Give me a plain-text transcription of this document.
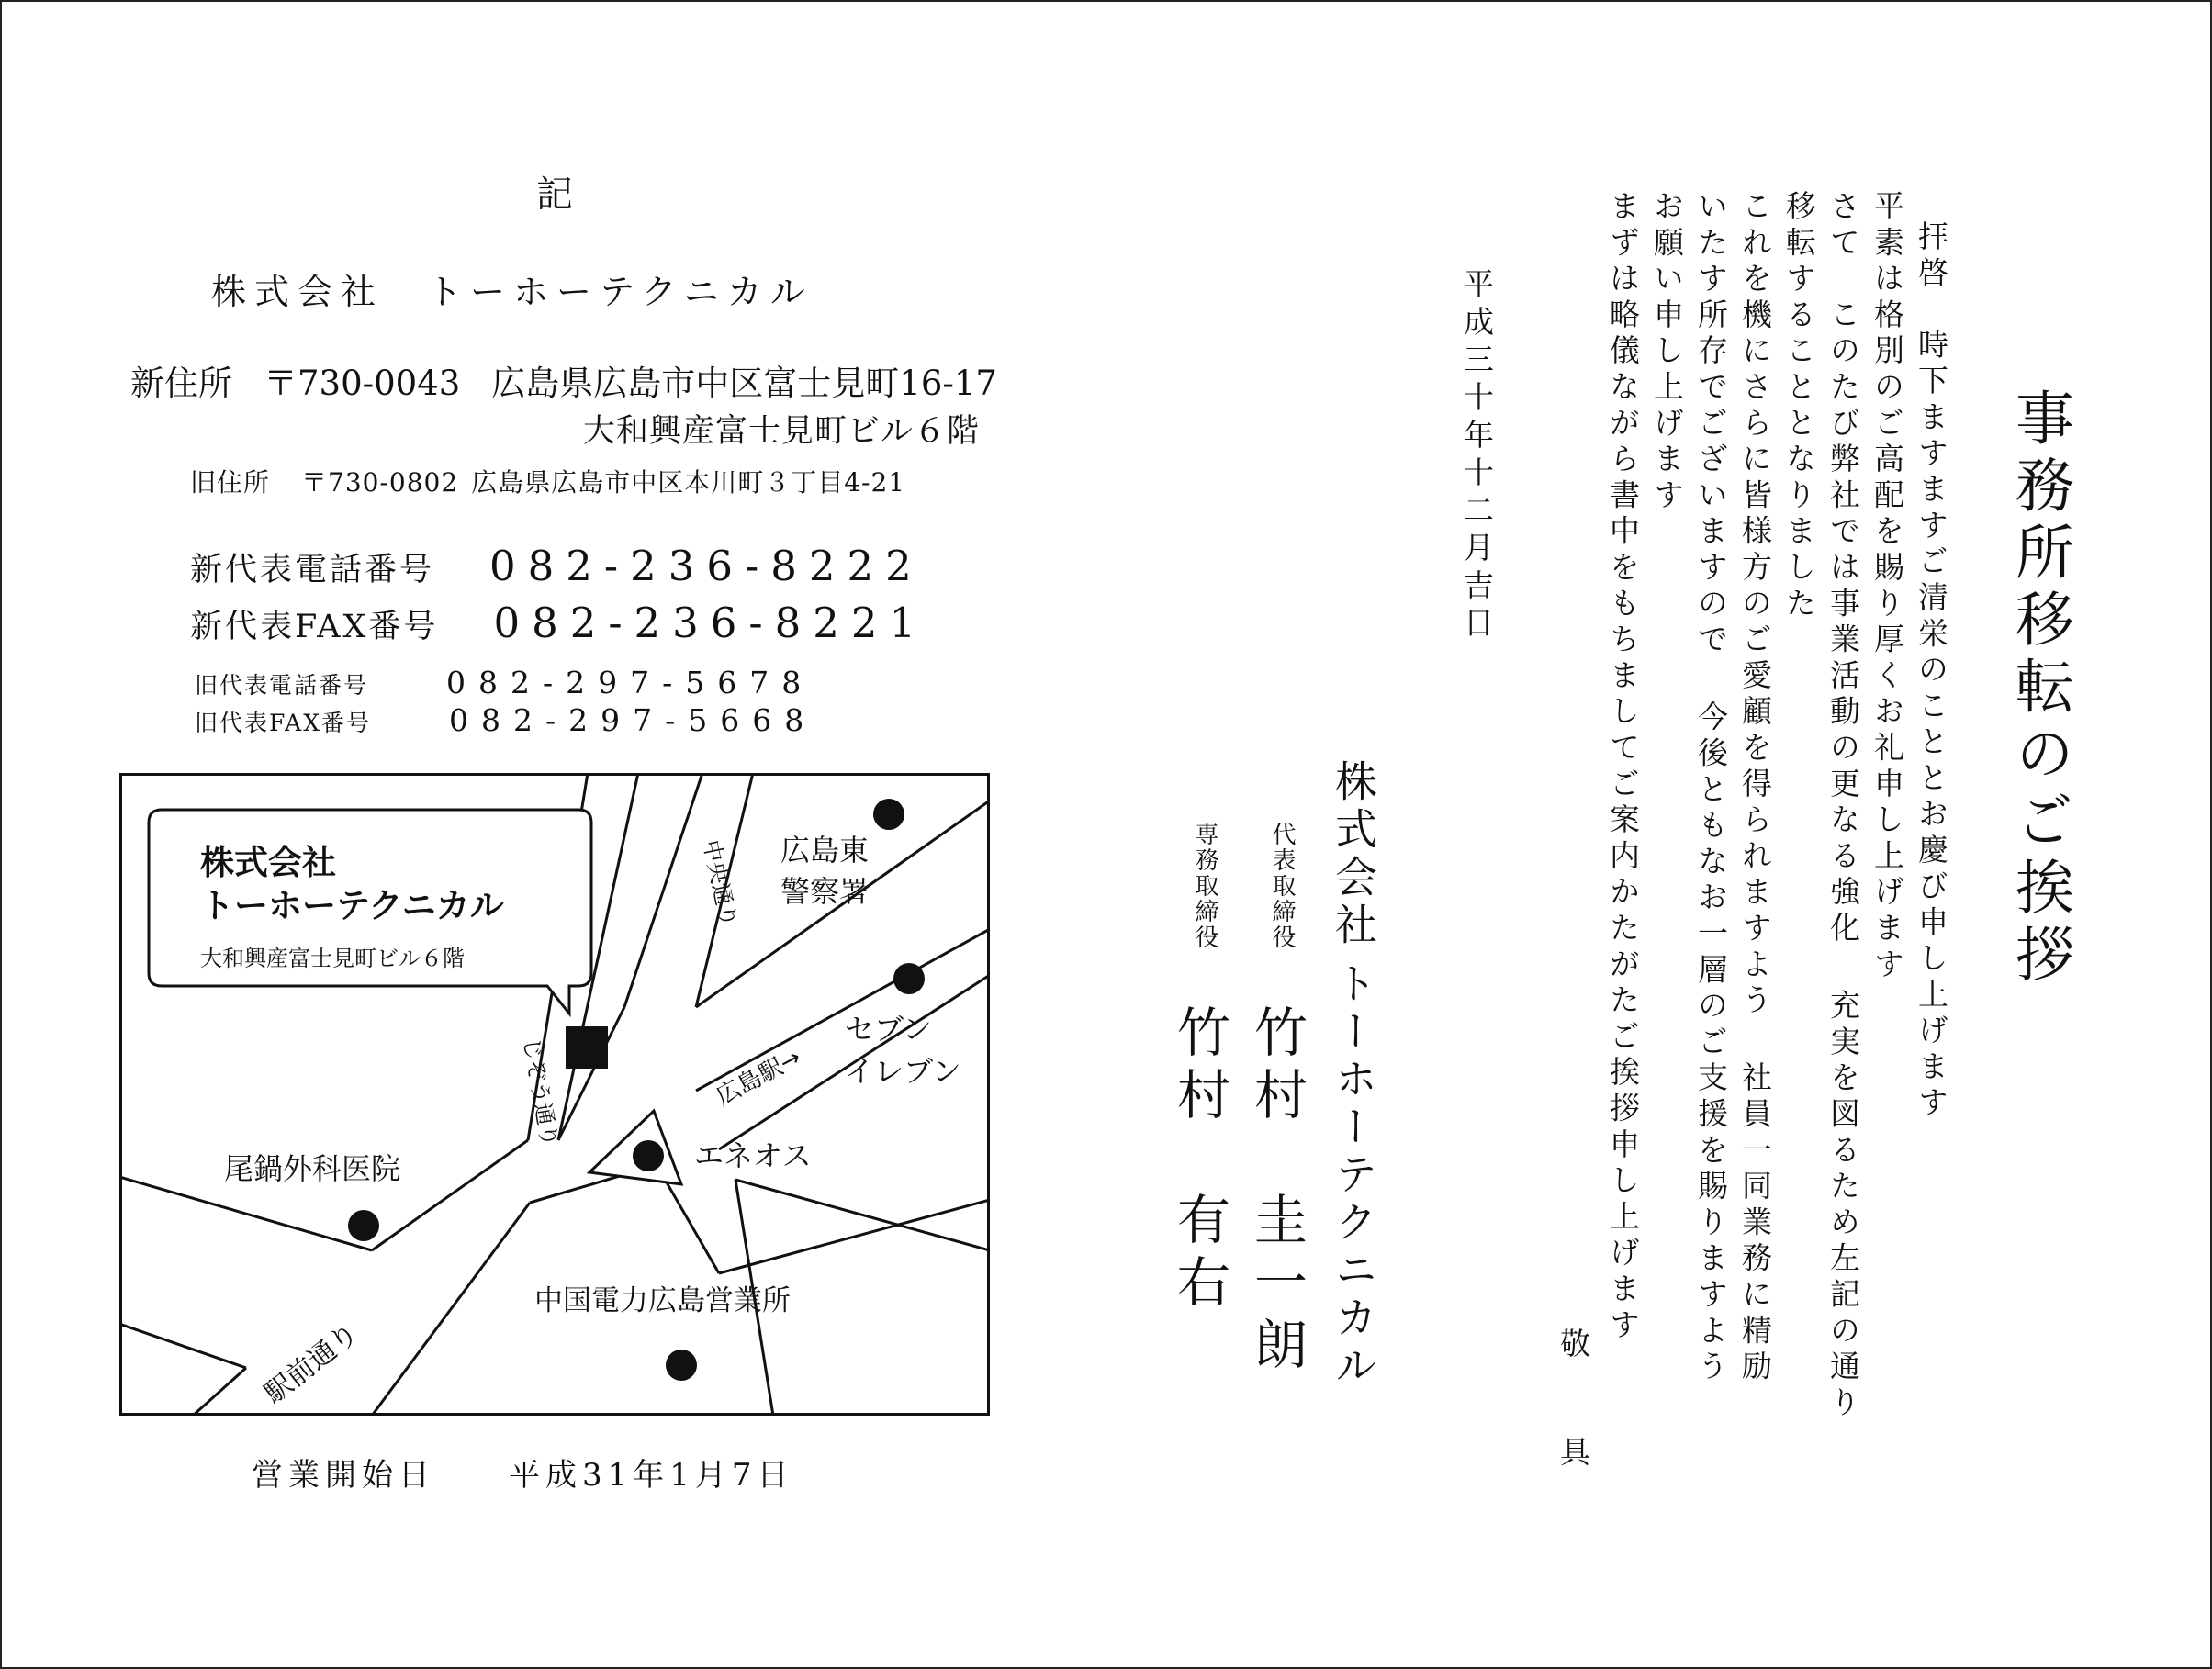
事務所移転のご挨拶
拝啓　時下ますますご清栄のこととお慶び申し上げます
平素は格別のご高配を賜り厚くお礼申し上げます
さて　このたび弊社では事業活動の更なる強化 充実を図るため左記の通り
移転することとなりました
これを機にさらに皆様方のご愛顧を得られますよう 社員一同業務に精励
いたす所存でございますので 今後ともなお一層のご支援を賜りますよう
お願い申し上げます
まずは略儀ながら書中をもちましてご案内かたがたご挨拶申し上げます
敬　　具
平成三十年十二月吉日
株式会社
トーホーテクニカル
代表取締役
竹村　圭一朗
専務取締役
竹村　有右
記
株式会社　トーホーテクニカル
新住所 〒730-0043 広島県広島市中区富士見町16-17
大和興産富士見町ビル６階
旧住所 〒730-0802 広島県広島市中区本川町３丁目4-21
新代表電話番号 082-236-8222
新代表FAX番号 082-236-8221
旧代表電話番号	082-297-5678
旧代表FAX番号	082-297-5668
株式会社
トーホーテクニカル
大和興産富士見町ビル６階
広島東
警察署
セブン
イレブン
広島駅→
エネオス
尾鍋外科医院
中国電力広島営業所
中央通り
じぞう通り
駅前通り
営業開始日 平成31年1月7日
